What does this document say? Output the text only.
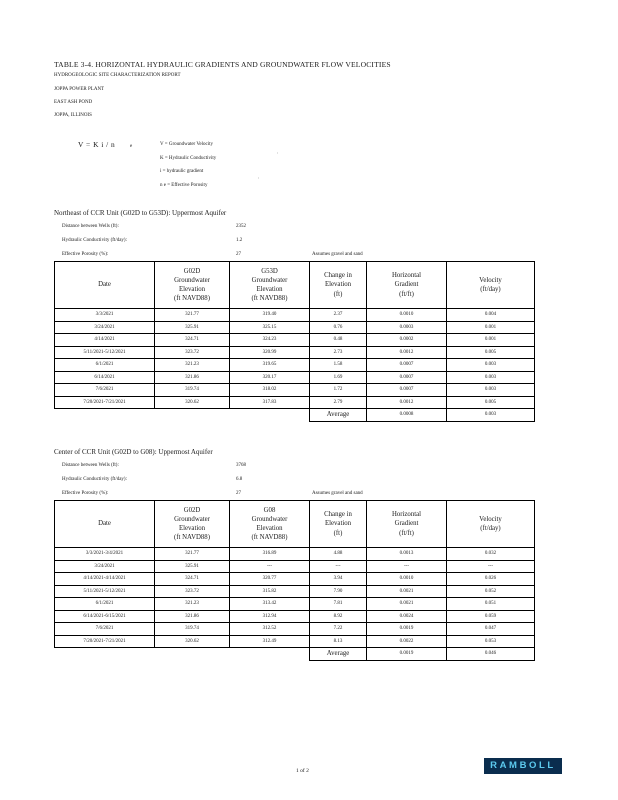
TABLE 3-4. HORIZONTAL HYDRAULIC GRADIENTS AND GROUNDWATER FLOW VELOCITIES
HYDROGEOLOGIC SITE CHARACTERIZATION REPORT
JOPPA POWER PLANT
EAST ASH POND
JOPPA, ILLINOIS
V = K i / n	e	V = Groundwater Velocity
K = Hydraulic Conductivity
i = hydraulic gradient
n e = Effective Porosity
'
'
Northeast of CCR Unit (G02D to G53D): Uppermost Aquifer
Distance between Wells (ft):	2352
Hydraulic Conductivity (ft/day):	1.2
Effective Porosity (%):	27	Assumes gravel and sand
Date	G02D
Groundwater
Elevation
(ft NAVD88)	G53D
Groundwater
Elevation
(ft NAVD88)	Change in
Elevation
(ft)	Horizontal
Gradient
(ft/ft)	Velocity
(ft/day)
3/3/2021	321.77	319.40	2.37	0.0010	0.004
3/24/2021	325.91	325.15	0.76	0.0003	0.001
4/14/2021	324.71	324.23	0.48	0.0002	0.001
5/11/2021-5/12/2021	323.72	320.99	2.73	0.0012	0.005
6/1/2021	321.23	319.65	1.58	0.0007	0.003
6/14/2021	321.86	320.17	1.69	0.0007	0.003
7/6/2021	319.74	318.02	1.72	0.0007	0.003
7/20/2021-7/21/2021	320.62	317.83	2.79	0.0012	0.005
			Average	0.0008	0.003
Center of CCR Unit (G02D to G08): Uppermost Aquifer
Distance between Wells (ft):	3768
Hydraulic Conductivity (ft/day):	6.8
Effective Porosity (%):	27	Assumes gravel and sand
Date	G02D
Groundwater
Elevation
(ft NAVD88)	G08
Groundwater
Elevation
(ft NAVD88)	Change in
Elevation
(ft)	Horizontal
Gradient
(ft/ft)	Velocity
(ft/day)
3/3/2021-3/4/2021	321.77	316.89	4.88	0.0013	0.032
3/24/2021	325.91	---	---	---	---
4/14/2021-4/14/2021	324.71	320.77	3.94	0.0010	0.026
5/11/2021-5/12/2021	323.72	315.82	7.90	0.0021	0.052
6/1/2021	321.23	313.42	7.81	0.0021	0.051
6/14/2021-6/15/2021	321.86	312.94	8.92	0.0024	0.059
7/6/2021	319.74	312.52	7.22	0.0019	0.047
7/20/2021-7/21/2021	320.62	312.49	8.13	0.0022	0.053
			Average	0.0019	0.046
1 of 2	RAMBOLL
